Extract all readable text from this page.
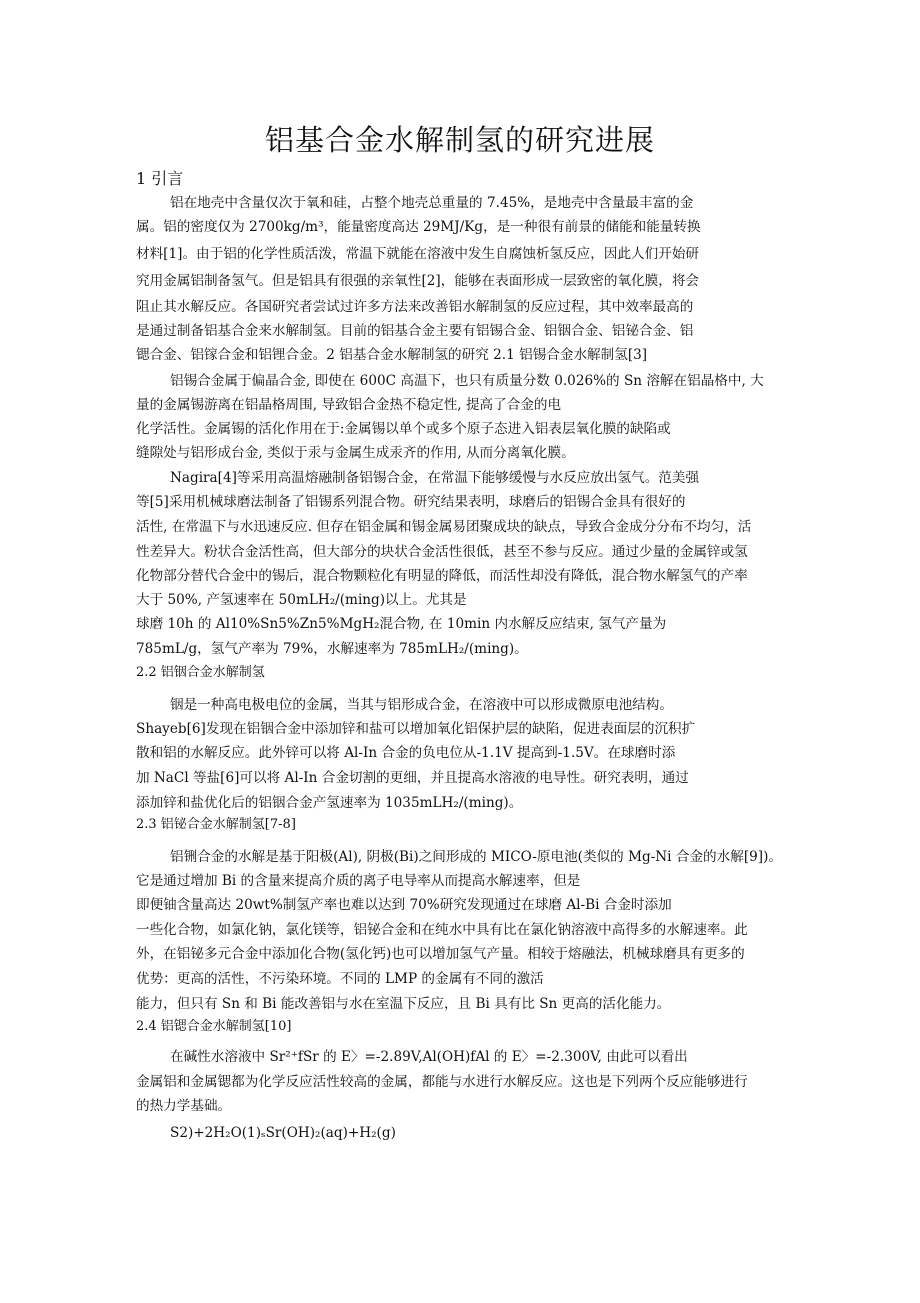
铝基合金水解制氢的研究进展
1 引言
铝在地壳中含量仅次于氧和硅，占整个地壳总重量的 7.45%，是地壳中含量最丰富的金
属。铝的密度仅为 2700kg/m³，能量密度高达 29MJ/Kg，是一种很有前景的储能和能量转换
材料[1]。由于铝的化学性质活泼，常温下就能在溶液中发生自腐蚀析氢反应，因此人们开始研
究用金属铝制备氢气。但是铝具有很强的亲氧性[2]，能够在表面形成一层致密的氧化膜，将会
阻止其水解反应。各国研究者尝试过许多方法来改善铝水解制氢的反应过程，其中效率最高的
是通过制备铝基合金来水解制氢。目前的铝基合金主要有铝锡合金、铝铟合金、铝铋合金、铝
锶合金、铝镓合金和铝锂合金。2 铝基合金水解制氢的研究 2.1 铝锡合金水解制氢[3]
铝锡合金属于偏晶合金, 即使在 600C 高温下，也只有质量分数 0.026%的 Sn 溶解在铝晶格中, 大
量的金属锡游离在铝晶格周围, 导致铝合金热不稳定性, 提高了合金的电
化学活性。金属锡的活化作用在于:金属锡以单个或多个原子态进入铝表层氧化膜的缺陷或
缝隙处与铝形成台金, 类似于汞与金属生成汞齐的作用, 从而分离氧化膜。
Nagira[4]等采用高温熔融制备铝锡合金，在常温下能够缓慢与水反应放出氢气。范美强
等[5]采用机械球磨法制备了铝锡系列混合物。研究结果表明，球磨后的铝锡合金具有很好的
活性, 在常温下与水迅速反应. 但存在铝金属和锡金属易团聚成块的缺点，导致合金成分分布不均匀，活
性差异大。粉状合金活性高，但大部分的块状合金活性很低，甚至不参与反应。通过少量的金属锌或氢
化物部分替代合金中的锡后，混合物颗粒化有明显的降低，而活性却没有降低，混合物水解氢气的产率
大于 50%, 产氢速率在 50mLH₂/(ming)以上。尤其是
球磨 10h 的 Al10%Sn5%Zn5%MgH₂混合物, 在 10min 内水解反应结束, 氢气产量为
785mL/g，氢气产率为 79%，水解速率为 785mLH₂/(ming)。
2.2 铝铟合金水解制氢
铟是一种高电极电位的金属，当其与铝形成合金，在溶液中可以形成微原电池结构。
Shayeb[6]发现在铝铟合金中添加锌和盐可以增加氧化铝保护层的缺陷，促进表面层的沉积扩
散和铝的水解反应。此外锌可以将 Al-In 合金的负电位从-1.1V 提高到-1.5V。在球磨时添
加 NaCl 等盐[6]可以将 Al-In 合金切割的更细，并且提高水溶液的电导性。研究表明，通过
添加锌和盐优化后的铝铟合金产氢速率为 1035mLH₂/(ming)。
2.3 铝铋合金水解制氢[7-8]
铝铏合金的水解是基于阳极(Al), 阴极(Bi)之间形成的 MICO-原电池(类似的 Mg-Ni 合金的水解[9])。
它是通过增加 Bi 的含量来提高介质的离子电导率从而提高水解速率，但是
即便铀含量高达 20wt%制氢产率也难以达到 70%研究发现通过在球磨 Al-Bi 合金时添加
一些化合物，如氯化钠，氯化镁等，铝铋合金和在纯水中具有比在氯化钠溶液中高得多的水解速率。此
外，在铝铋多元合金中添加化合物(氢化钙)也可以增加氢气产量。相较于熔融法，机械球磨具有更多的
优势：更高的活性，不污染环境。不同的 LMP 的金属有不同的激活
能力，但只有 Sn 和 Bi 能改善铝与水在室温下反应，且 Bi 具有比 Sn 更高的活化能力。
2.4 铝锶合金水解制氢[10]
在碱性水溶液中 Sr²⁺fSr 的 E〉=-2.89V,Al(OH)fAl 的 E〉=-2.300V, 由此可以看出
金属铝和金属锶都为化学反应活性较高的金属，都能与水进行水解反应。这也是下列两个反应能够进行
的热力学基础。
S2)+2H₂O(1)ₛSr(OH)₂(aq)+H₂(g)
